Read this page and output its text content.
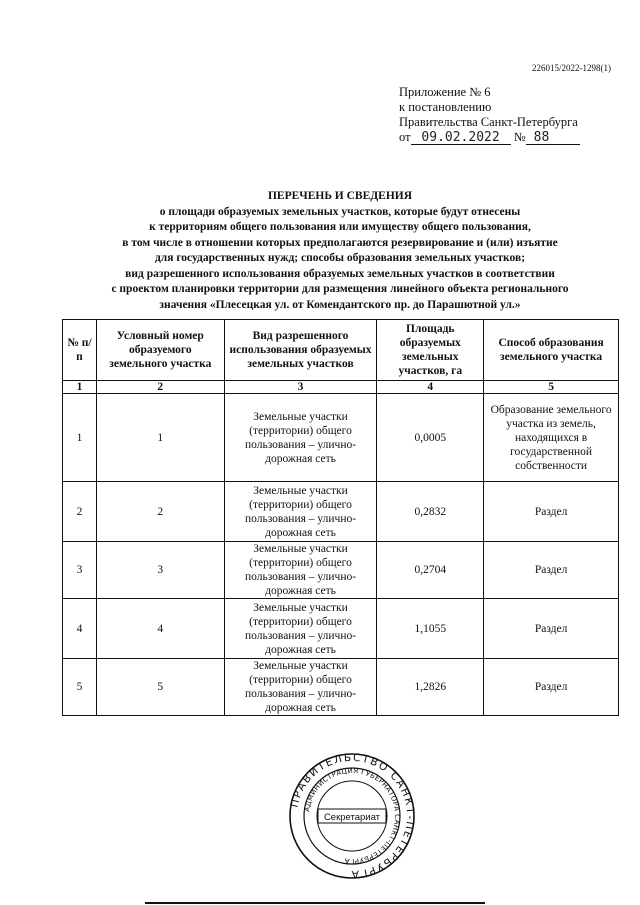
226015/2022-1298(1)
Приложение № 6
к постановлению
Правительства Санкт-Петербурга
от 09.02.2022 № 88
ПЕРЕЧЕНЬ И СВЕДЕНИЯ
о площади образуемых земельных участков, которые будут отнесены
к территориям общего пользования или имуществу общего пользования,
в том числе в отношении которых предполагаются резервирование и (или) изъятие
для государственных нужд; способы образования земельных участков;
вид разрешенного использования образуемых земельных участков в соответствии
с проектом планировки территории для размещения линейного объекта регионального
значения «Плесецкая ул. от Комендантского пр. до Парашютной ул.»
№ п/п	Условный номер образуемого земельного участка	Вид разрешенного использования образуемых земельных участков	Площадь образуемых земельных участков, га	Способ образования земельного участка
1	2	3	4	5
1	1	Земельные участки (территории) общего пользования – улично-дорожная сеть	0,0005	Образование земельного участка из земель, находящихся в государственной собственности
2	2	Земельные участки (территории) общего пользования – улично-дорожная сеть	0,2832	Раздел
3	3	Земельные участки (территории) общего пользования – улично-дорожная сеть	0,2704	Раздел
4	4	Земельные участки (территории) общего пользования – улично-дорожная сеть	1,1055	Раздел
5	5	Земельные участки (территории) общего пользования – улично-дорожная сеть	1,2826	Раздел
ПРАВИТЕЛЬСТВО САНКТ-ПЕТЕРБУРГА
АДМИНИСТРАЦИЯ ГУБЕРНАТОРА САНКТ-ПЕТЕРБУРГА
Секретариат
